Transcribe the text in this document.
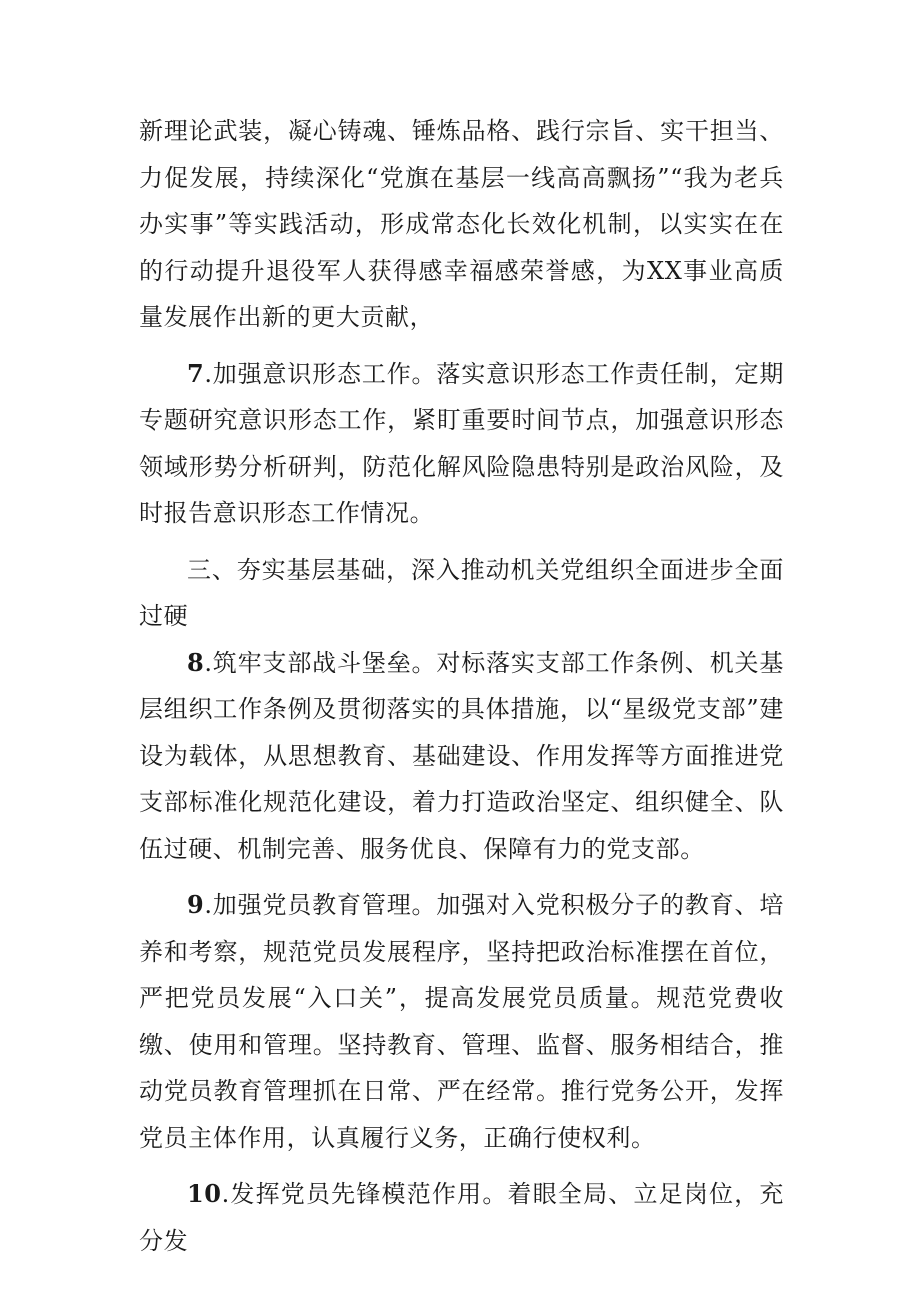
新理论武装，凝心铸魂、锤炼品格、践行宗旨、实干担当、力促发展，持续深化“党旗在基层一线高高飘扬”“我为老兵办实事”等实践活动，形成常态化长效化机制，以实实在在的行动提升退役军人获得感幸福感荣誉感，为XX事业高质量发展作出新的更大贡献，

7.加强意识形态工作。落实意识形态工作责任制，定期专题研究意识形态工作，紧盯重要时间节点，加强意识形态领域形势分析研判，防范化解风险隐患特别是政治风险，及时报告意识形态工作情况。

三、夯实基层基础，深入推动机关党组织全面进步全面过硬

8.筑牢支部战斗堡垒。对标落实支部工作条例、机关基层组织工作条例及贯彻落实的具体措施，以“星级党支部”建设为载体，从思想教育、基础建设、作用发挥等方面推进党支部标准化规范化建设，着力打造政治坚定、组织健全、队伍过硬、机制完善、服务优良、保障有力的党支部。

9.加强党员教育管理。加强对入党积极分子的教育、培养和考察，规范党员发展程序，坚持把政治标准摆在首位，严把党员发展“入口关”，提高发展党员质量。规范党费收缴、使用和管理。坚持教育、管理、监督、服务相结合，推动党员教育管理抓在日常、严在经常。推行党务公开，发挥党员主体作用，认真履行义务，正确行使权利。

10.发挥党员先锋模范作用。着眼全局、立足岗位，充分发
